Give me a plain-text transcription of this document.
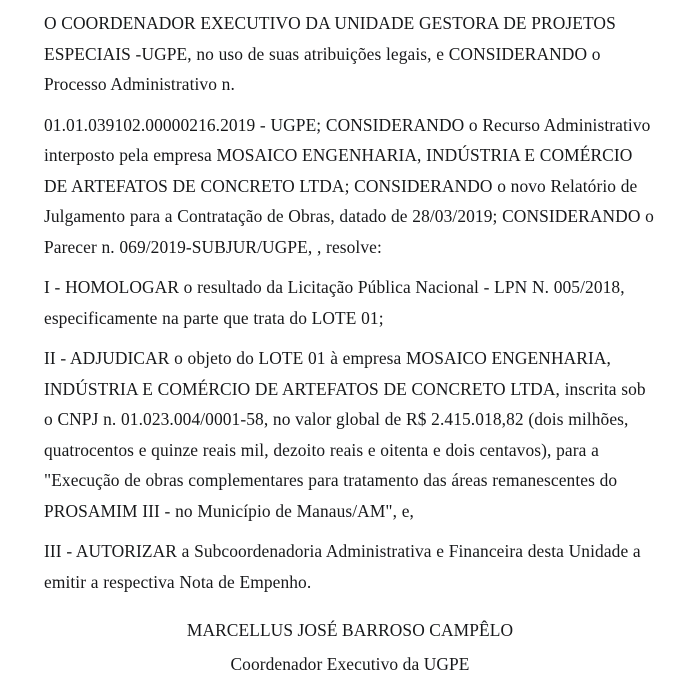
O COORDENADOR EXECUTIVO DA UNIDADE GESTORA DE PROJETOS ESPECIAIS -UGPE, no uso de suas atribuições legais, e CONSIDERANDO o Processo Administrativo n.

01.01.039102.00000216.2019 - UGPE; CONSIDERANDO o Recurso Administrativo interposto pela empresa MOSAICO ENGENHARIA, INDÚSTRIA E COMÉRCIO DE ARTEFATOS DE CONCRETO LTDA; CONSIDERANDO o novo Relatório de Julgamento para a Contratação de Obras, datado de 28/03/2019; CONSIDERANDO o Parecer n. 069/2019-SUBJUR/UGPE, , resolve:

I - HOMOLOGAR o resultado da Licitação Pública Nacional - LPN N. 005/2018, especificamente na parte que trata do LOTE 01;

II - ADJUDICAR o objeto do LOTE 01 à empresa MOSAICO ENGENHARIA, INDÚSTRIA E COMÉRCIO DE ARTEFATOS DE CONCRETO LTDA, inscrita sob o CNPJ n. 01.023.004/0001-58, no valor global de R$ 2.415.018,82 (dois milhões, quatrocentos e quinze reais mil, dezoito reais e oitenta e dois centavos), para a "Execução de obras complementares para tratamento das áreas remanescentes do PROSAMIM III - no Município de Manaus/AM", e,

III - AUTORIZAR a Subcoordenadoria Administrativa e Financeira desta Unidade a emitir a respectiva Nota de Empenho.

MARCELLUS JOSÉ BARROSO CAMPÊLO

Coordenador Executivo da UGPE
